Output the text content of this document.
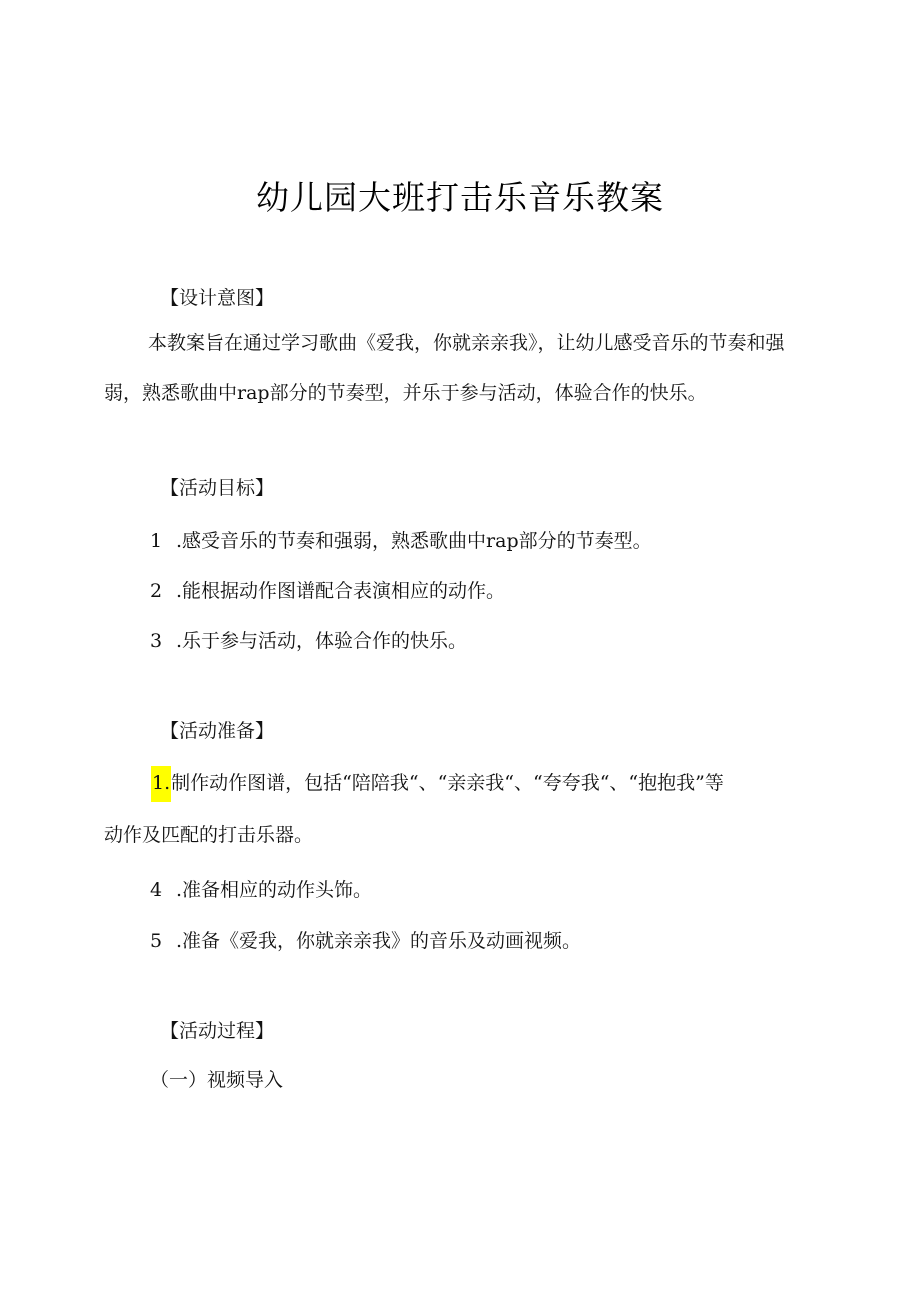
幼儿园大班打击乐音乐教案
【设计意图】
本教案旨在通过学习歌曲《爱我，你就亲亲我》，让幼儿感受音乐的节奏和强
弱，熟悉歌曲中rap部分的节奏型，并乐于参与活动，体验合作的快乐。
【活动目标】
1 .感受音乐的节奏和强弱，熟悉歌曲中rap部分的节奏型。
2 .能根据动作图谱配合表演相应的动作。
3 .乐于参与活动，体验合作的快乐。
【活动准备】
1.制作动作图谱，包括“陪陪我“、“亲亲我“、“夸夸我“、“抱抱我”等
动作及匹配的打击乐器。
4 .准备相应的动作头饰。
5 .准备《爱我，你就亲亲我》的音乐及动画视频。
【活动过程】
（一）视频导入
